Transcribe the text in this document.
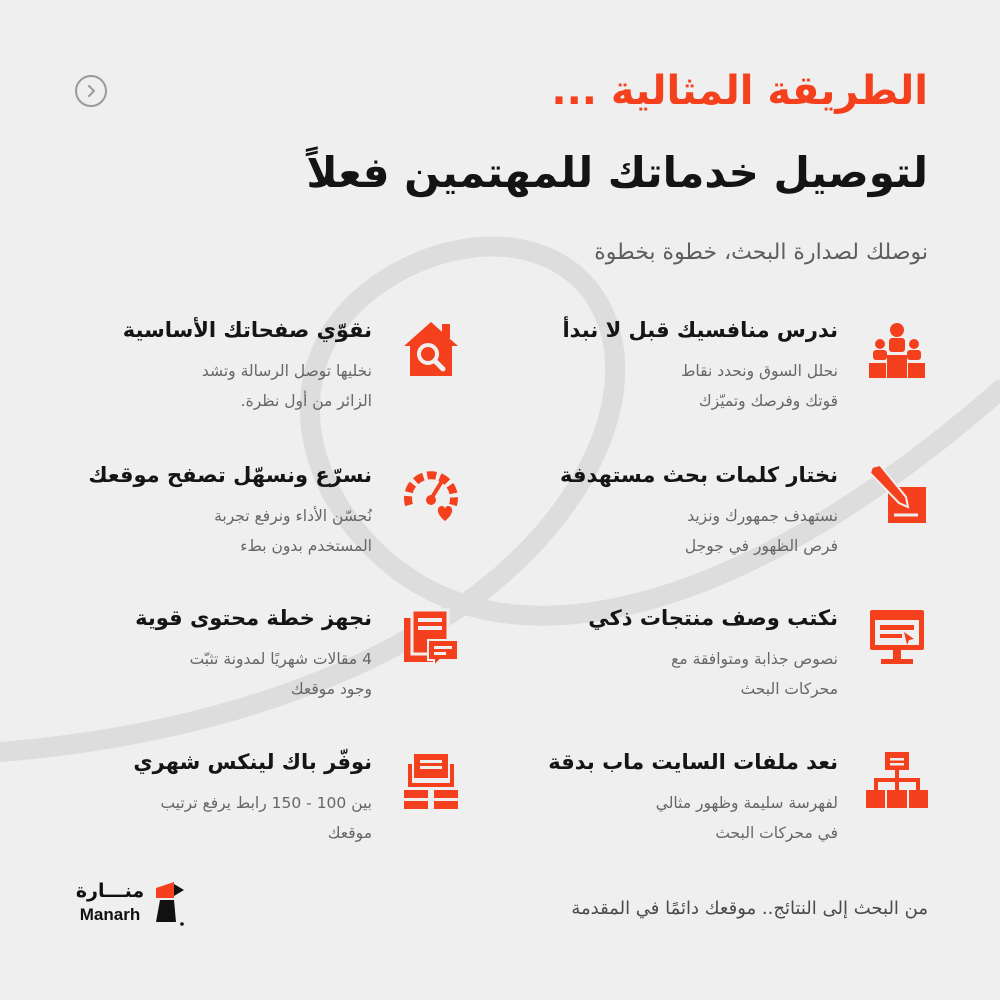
الطريقة المثالية ...
لتوصيل خدماتك للمهتمين فعلاً

نوصلك لصدارة البحث، خطوة بخطوة

ندرس منافسيك قبل لا نبدأ

نحلل السوق ونحدد نقاط
قوتك وفرصك وتميّزك

نقوّي صفحاتك الأساسية

نخليها توصل الرسالة وتشد
الزائر من أول نظرة.

نختار كلمات بحث مستهدفة

نستهدف جمهورك ونزيد
فرص الظهور في جوجل

نسرّع ونسهّل تصفح موقعك

نُحسّن الأداء ونرفع تجربة
المستخدم بدون بطء

نكتب وصف منتجات ذكي

نصوص جذابة ومتوافقة مع
محركات البحث

نجهز خطة محتوى قوية

4 مقالات شهريًا لمدونة تثبّت
وجود موقعك

نعد ملفات السايت ماب بدقة

لفهرسة سليمة وظهور مثالي
في محركات البحث

نوفّر باك لينكس شهري

بين 100 - 150 رابط يرفع ترتيب
موقعك

من البحث إلى النتائج.. موقعك دائمًا في المقدمة

منـــارة
Manarh
